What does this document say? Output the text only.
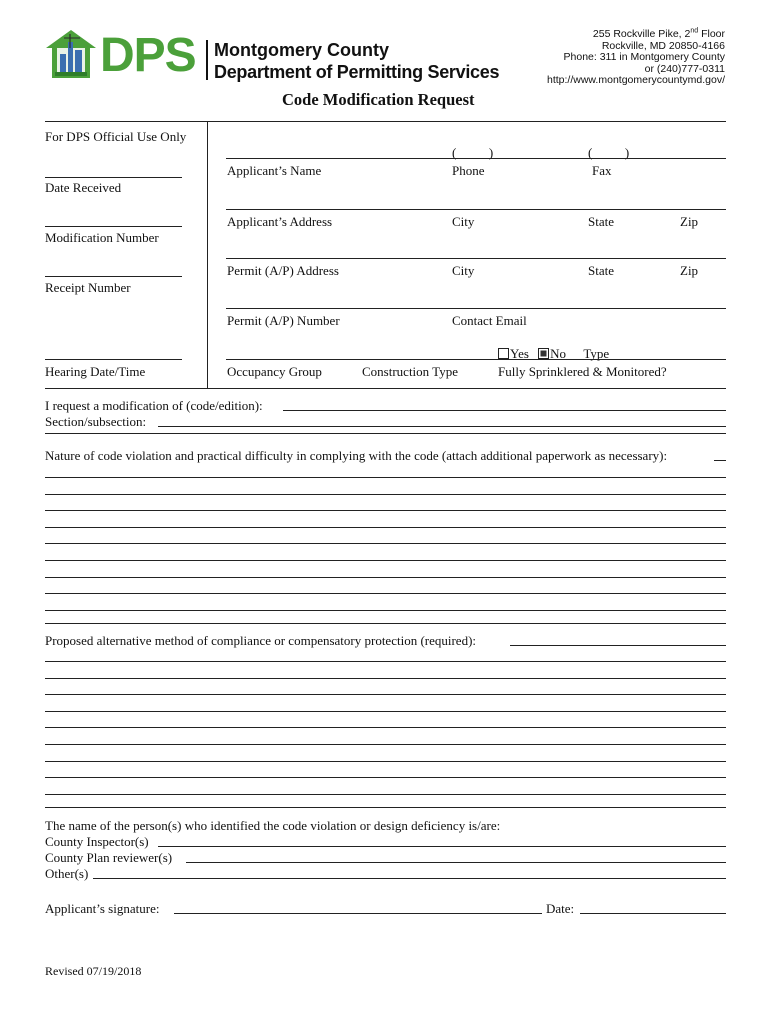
DPS Montgomery County
Department of Permitting Services
255 Rockville Pike, 2nd Floor
Rockville, MD 20850-4166
Phone: 311 in Montgomery County
or (240)777-0311
http://www.montgomerycountymd.gov/
Code Modification Request
For DPS Official Use Only
Date Received
Modification Number
Receipt Number
Hearing Date/Time
(          )	(          )
Applicant’s Name	Phone	Fax
Applicant’s Address	City	State	Zip
Permit (A/P) Address	City	State	Zip
Permit (A/P) Number	Contact Email
Yes No Type
Occupancy Group	Construction Type	Fully Sprinklered & Monitored?
I request a modification of (code/edition):
Section/subsection:
Nature of code violation and practical difficulty in complying with the code (attach additional paperwork as necessary):
Proposed alternative method of compliance or compensatory protection (required):
The name of the person(s) who identified the code violation or design deficiency is/are:
County Inspector(s)
County Plan reviewer(s)
Other(s)
Applicant’s signature:	Date:
Revised 07/19/2018
